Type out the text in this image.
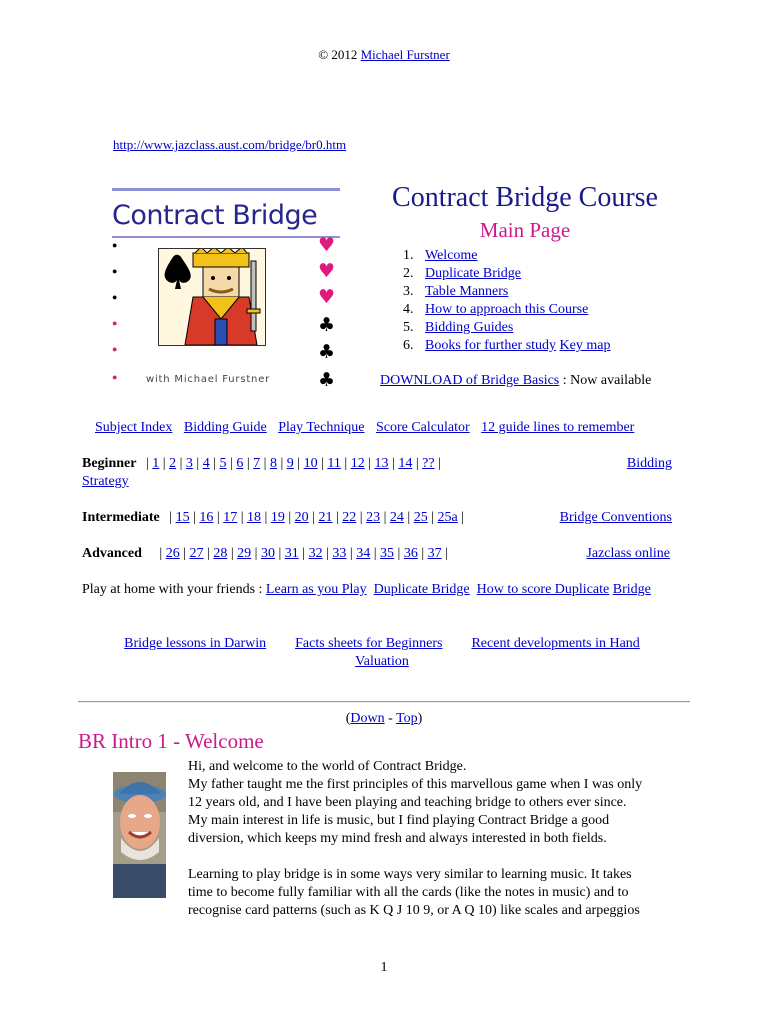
© 2012 Michael Furstner
http://www.jazclass.aust.com/bridge/br0.htm
Contract Bridge
●
●
●
●
●
●
♥
♥
♥
♣
♣
♣
with Michael Furstner
Contract Bridge Course
Main Page
1. Welcome
2. Duplicate Bridge
3. Table Manners
4. How to approach this Course
5. Bidding Guides
6. Books for further study Key map
DOWNLOAD of Bridge Basics : Now available
Subject Index Bidding Guide Play Technique Score Calculator 12 guide lines to remember
Beginner | 1 | 2 | 3 | 4 | 5 | 6 | 7 | 8 | 9 | 10 | 11 | 12 | 13 | 14 | ?? |	Bidding
Strategy
Intermediate | 15 | 16 | 17 | 18 | 19 | 20 | 21 | 22 | 23 | 24 | 25 | 25a |	Bridge Conventions
Advanced | 26 | 27 | 28 | 29 | 30 | 31 | 32 | 33 | 34 | 35 | 36 | 37 |	Jazclass online
Play at home with your friends : Learn as you Play Duplicate Bridge How to score Duplicate Bridge
Bridge lessons in Darwin Facts sheets for Beginners Recent developments in Hand
Valuation
(Down - Top)
BR Intro 1 - Welcome

Hi, and welcome to the world of Contract Bridge.
My father taught me the first principles of this marvellous game when I was only
12 years old, and I have been playing and teaching bridge to others ever since.
My main interest in life is music, but I find playing Contract Bridge a good
diversion, which keeps my mind fresh and always interested in both fields.

Learning to play bridge is in some ways very similar to learning music. It takes
time to become fully familiar with all the cards (like the notes in music) and to
recognise card patterns (such as K Q J 10 9, or A Q 10) like scales and arpeggios

1
